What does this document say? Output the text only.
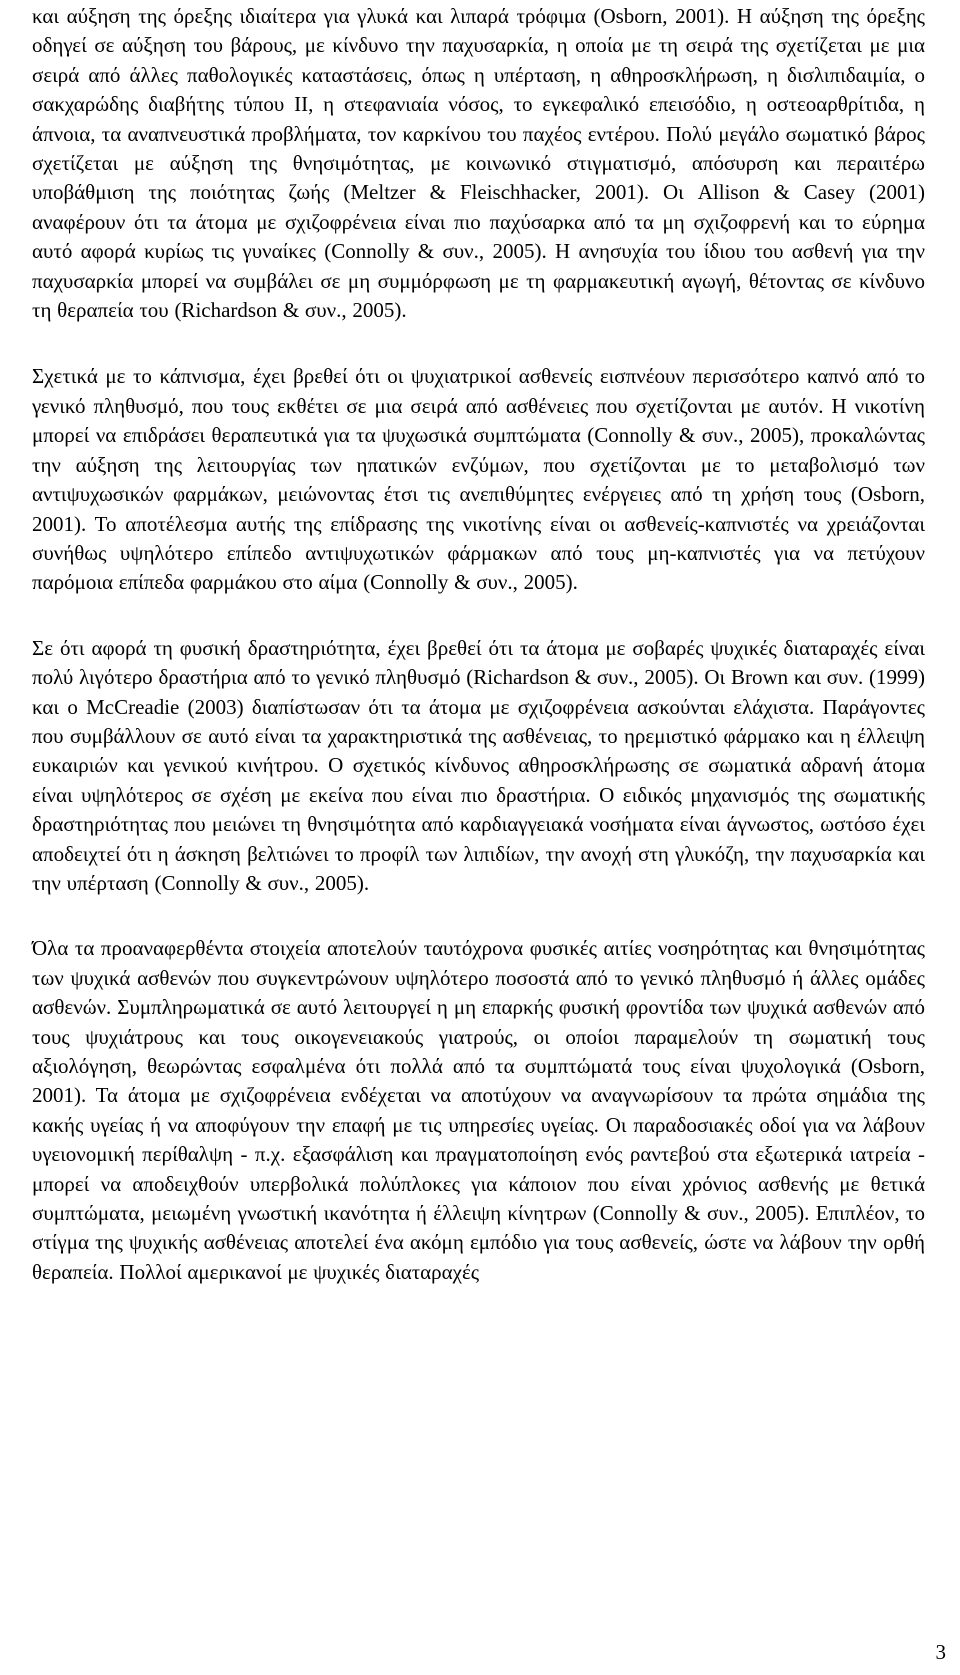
και αύξηση της όρεξης ιδιαίτερα για γλυκά και λιπαρά τρόφιμα (Osborn, 2001). Η αύξηση της όρεξης οδηγεί σε αύξηση του βάρους, με κίνδυνο την παχυσαρκία, η οποία με τη σειρά της σχετίζεται με μια σειρά από άλλες παθολογικές καταστάσεις, όπως η υπέρταση, η αθηροσκλήρωση, η δισλιπιδαιμία, ο σακχαρώδης διαβήτης τύπου II, η στεφανιαία νόσος, το εγκεφαλικό επεισόδιο, η οστεοαρθρίτιδα, η άπνοια, τα αναπνευστικά προβλήματα, τον καρκίνου του παχέος εντέρου. Πολύ μεγάλο σωματικό βάρος σχετίζεται με αύξηση της θνησιμότητας, με κοινωνικό στιγματισμό, απόσυρση και περαιτέρω υποβάθμιση της ποιότητας ζωής (Meltzer & Fleischhacker, 2001). Οι Allison & Casey (2001) αναφέρουν ότι τα άτομα με σχιζοφρένεια είναι πιο παχύσαρκα από τα μη σχιζοφρενή και το εύρημα αυτό αφορά κυρίως τις γυναίκες (Connolly & συν., 2005). Η ανησυχία του ίδιου του ασθενή για την παχυσαρκία μπορεί να συμβάλει σε μη συμμόρφωση με τη φαρμακευτική αγωγή, θέτοντας σε κίνδυνο τη θεραπεία του (Richardson & συν., 2005).

Σχετικά με το κάπνισμα, έχει βρεθεί ότι οι ψυχιατρικοί ασθενείς εισπνέουν περισσότερο καπνό από το γενικό πληθυσμό, που τους εκθέτει σε μια σειρά από ασθένειες που σχετίζονται με αυτόν. Η νικοτίνη μπορεί να επιδράσει θεραπευτικά για τα ψυχωσικά συμπτώματα (Connolly & συν., 2005), προκαλώντας την αύξηση της λειτουργίας των ηπατικών ενζύμων, που σχετίζονται με το μεταβολισμό των αντιψυχωσικών φαρμάκων, μειώνοντας έτσι τις ανεπιθύμητες ενέργειες από τη χρήση τους (Osborn, 2001). Το αποτέλεσμα αυτής της επίδρασης της νικοτίνης είναι οι ασθενείς-καπνιστές να χρειάζονται συνήθως υψηλότερο επίπεδο αντιψυχωτικών φάρμακων από τους μη-καπνιστές για να πετύχουν παρόμοια επίπεδα φαρμάκου στο αίμα (Connolly & συν., 2005).

Σε ότι αφορά τη φυσική δραστηριότητα, έχει βρεθεί ότι τα άτομα με σοβαρές ψυχικές διαταραχές είναι πολύ λιγότερο δραστήρια από το γενικό πληθυσμό (Richardson & συν., 2005). Οι Brown και συν. (1999) και ο McCreadie (2003) διαπίστωσαν ότι τα άτομα με σχιζοφρένεια ασκούνται ελάχιστα. Παράγοντες που συμβάλλουν σε αυτό είναι τα χαρακτηριστικά της ασθένειας, το ηρεμιστικό φάρμακο και η έλλειψη ευκαιριών και γενικού κινήτρου. Ο σχετικός κίνδυνος αθηροσκλήρωσης σε σωματικά αδρανή άτομα είναι υψηλότερος σε σχέση με εκείνα που είναι πιο δραστήρια. Ο ειδικός μηχανισμός της σωματικής δραστηριότητας που μειώνει τη θνησιμότητα από καρδιαγγειακά νοσήματα είναι άγνωστος, ωστόσο έχει αποδειχτεί ότι η άσκηση βελτιώνει το προφίλ των λιπιδίων, την ανοχή στη γλυκόζη, την παχυσαρκία και την υπέρταση (Connolly & συν., 2005).

Όλα τα προαναφερθέντα στοιχεία αποτελούν ταυτόχρονα φυσικές αιτίες νοσηρότητας και θνησιμότητας των ψυχικά ασθενών που συγκεντρώνουν υψηλότερο ποσοστά από το γενικό πληθυσμό ή άλλες ομάδες ασθενών. Συμπληρωματικά σε αυτό λειτουργεί η μη επαρκής φυσική φροντίδα των ψυχικά ασθενών από τους ψυχιάτρους και τους οικογενειακούς γιατρούς, οι οποίοι παραμελούν τη σωματική τους αξιολόγηση, θεωρώντας εσφαλμένα ότι πολλά από τα συμπτώματά τους είναι ψυχολογικά (Osborn, 2001). Τα άτομα με σχιζοφρένεια ενδέχεται να αποτύχουν να αναγνωρίσουν τα πρώτα σημάδια της κακής υγείας ή να αποφύγουν την επαφή με τις υπηρεσίες υγείας. Οι παραδοσιακές οδοί για να λάβουν υγειονομική περίθαλψη - π.χ. εξασφάλιση και πραγματοποίηση ενός ραντεβού στα εξωτερικά ιατρεία - μπορεί να αποδειχθούν υπερβολικά πολύπλοκες για κάποιον που είναι χρόνιος ασθενής με θετικά συμπτώματα, μειωμένη γνωστική ικανότητα ή έλλειψη κίνητρων (Connolly & συν., 2005). Επιπλέον, το στίγμα της ψυχικής ασθένειας αποτελεί ένα ακόμη εμπόδιο για τους ασθενείς, ώστε να λάβουν την ορθή θεραπεία. Πολλοί αμερικανοί με ψυχικές διαταραχές

3
